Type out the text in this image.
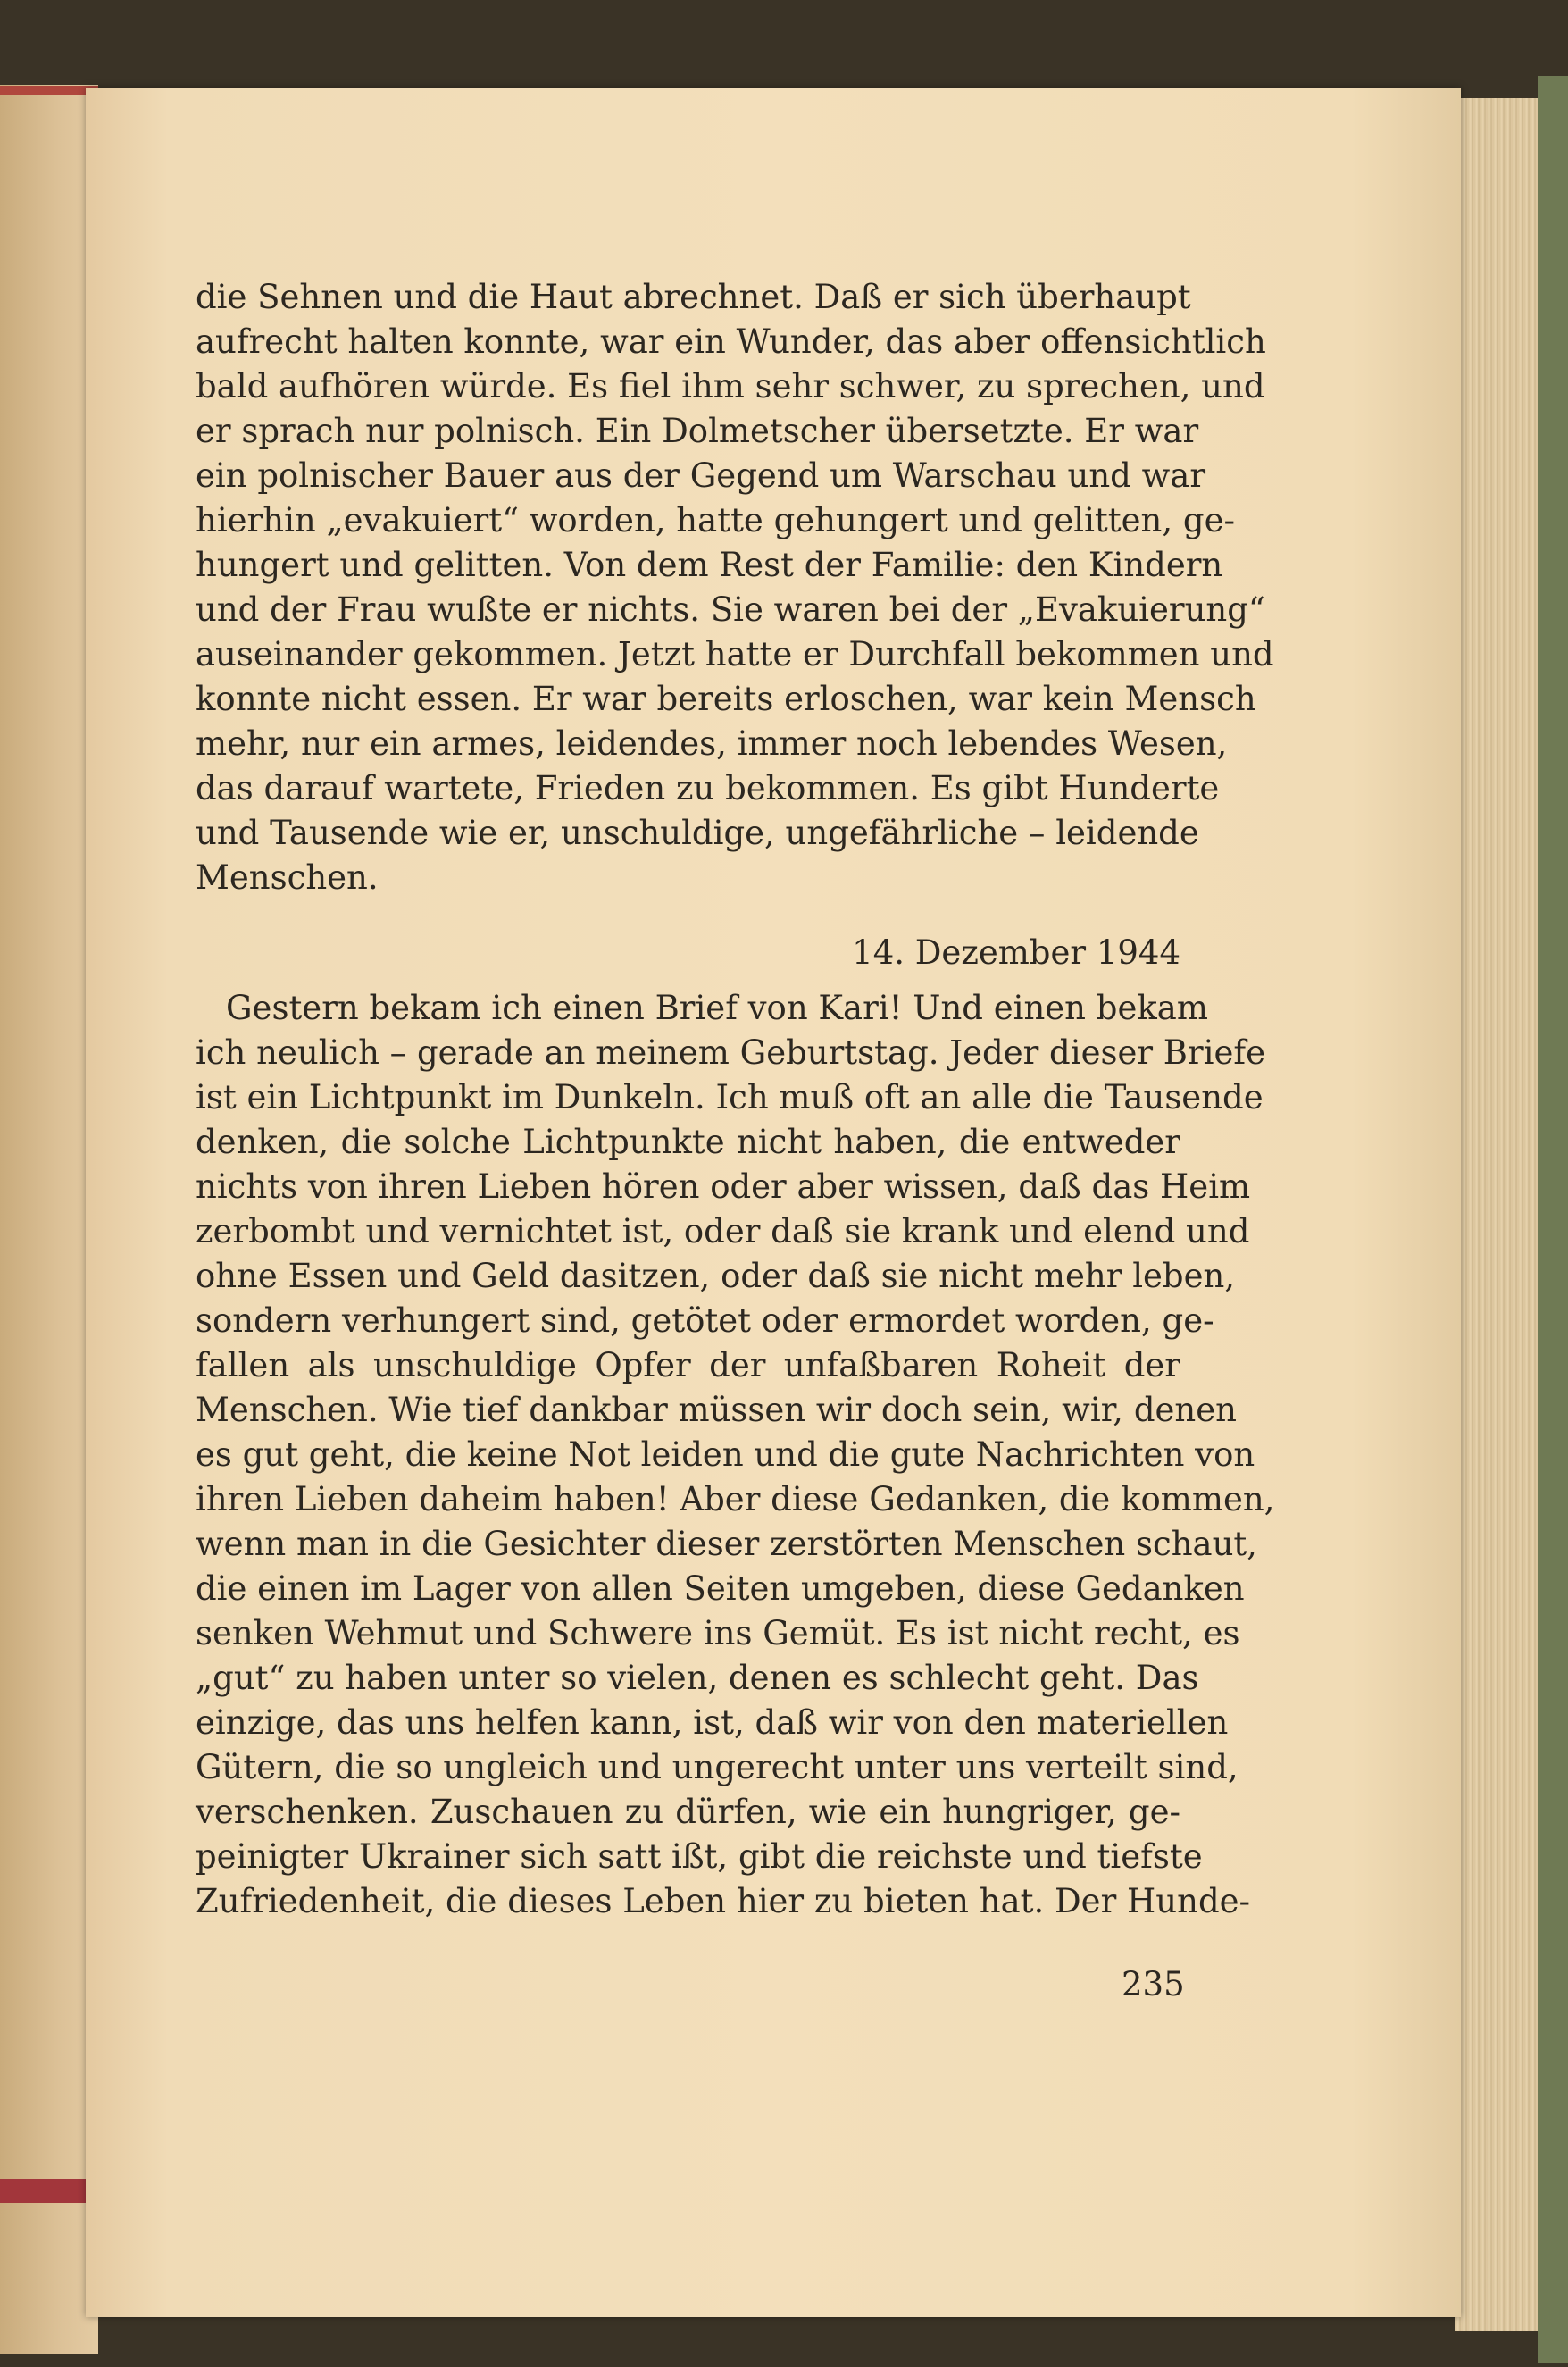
die Sehnen und die Haut abrechnet. Daß er sich überhaupt
aufrecht halten konnte, war ein Wunder, das aber offensichtlich
bald aufhören würde. Es fiel ihm sehr schwer, zu sprechen, und
er sprach nur polnisch. Ein Dolmetscher übersetzte. Er war
ein polnischer Bauer aus der Gegend um Warschau und war
hierhin „evakuiert“ worden, hatte gehungert und gelitten, ge-
hungert und gelitten. Von dem Rest der Familie: den Kindern
und der Frau wußte er nichts. Sie waren bei der „Evakuierung“
auseinander gekommen. Jetzt hatte er Durchfall bekommen und
konnte nicht essen. Er war bereits erloschen, war kein Mensch
mehr, nur ein armes, leidendes, immer noch lebendes Wesen,
das darauf wartete, Frieden zu bekommen. Es gibt Hunderte
und Tausende wie er, unschuldige, ungefährliche – leidende
Menschen.
14. Dezember 1944
Gestern bekam ich einen Brief von Kari! Und einen bekam
ich neulich – gerade an meinem Geburtstag. Jeder dieser Briefe
ist ein Lichtpunkt im Dunkeln. Ich muß oft an alle die Tausende
denken, die solche Lichtpunkte nicht haben, die entweder
nichts von ihren Lieben hören oder aber wissen, daß das Heim
zerbombt und vernichtet ist, oder daß sie krank und elend und
ohne Essen und Geld dasitzen, oder daß sie nicht mehr leben,
sondern verhungert sind, getötet oder ermordet worden, ge-
fallen als unschuldige Opfer der unfaßbaren Roheit der
Menschen. Wie tief dankbar müssen wir doch sein, wir, denen
es gut geht, die keine Not leiden und die gute Nachrichten von
ihren Lieben daheim haben! Aber diese Gedanken, die kommen,
wenn man in die Gesichter dieser zerstörten Menschen schaut,
die einen im Lager von allen Seiten umgeben, diese Gedanken
senken Wehmut und Schwere ins Gemüt. Es ist nicht recht, es
„gut“ zu haben unter so vielen, denen es schlecht geht. Das
einzige, das uns helfen kann, ist, daß wir von den materiellen
Gütern, die so ungleich und ungerecht unter uns verteilt sind,
verschenken. Zuschauen zu dürfen, wie ein hungriger, ge-
peinigter Ukrainer sich satt ißt, gibt die reichste und tiefste
Zufriedenheit, die dieses Leben hier zu bieten hat. Der Hunde-
235
